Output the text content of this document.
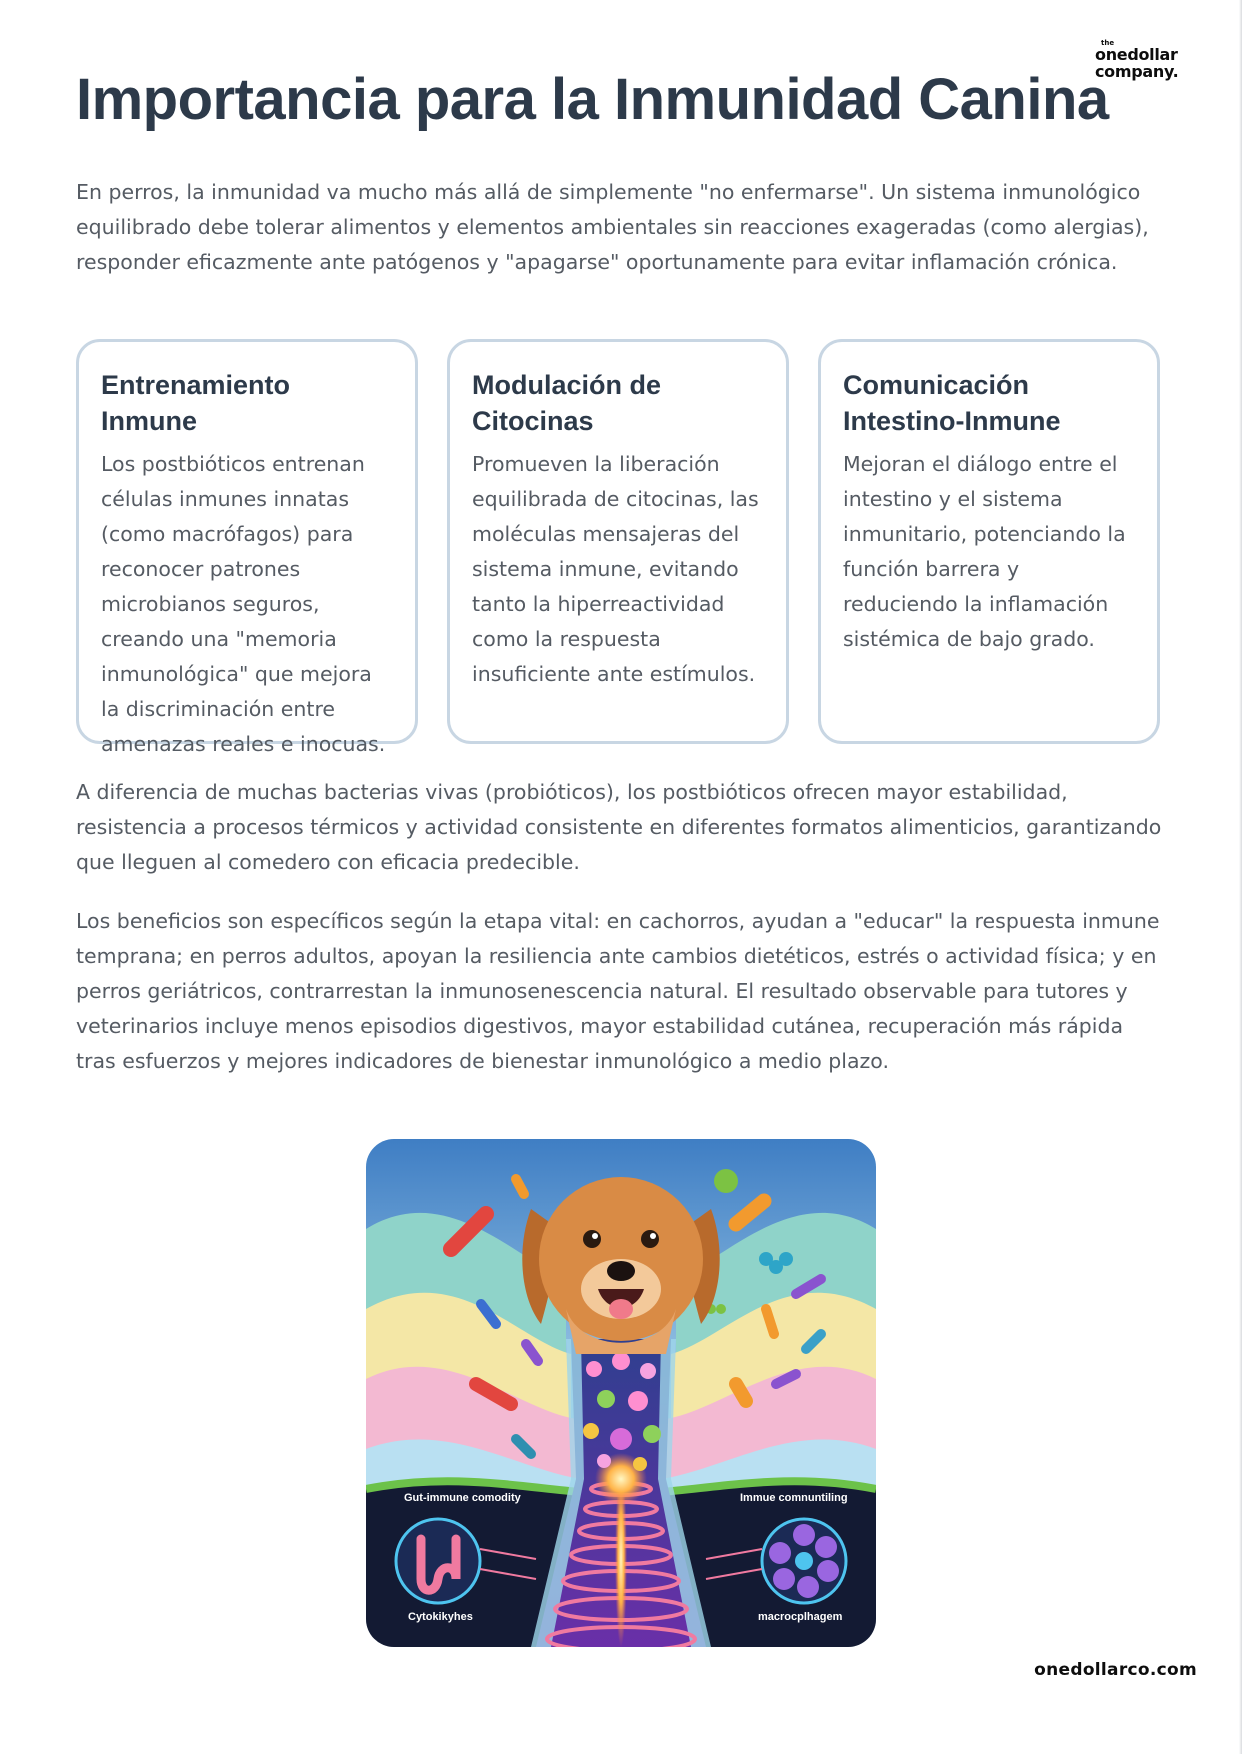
the
onedollar
company.
Importancia para la Inmunidad Canina

En perros, la inmunidad va mucho más allá de simplemente "no enfermarse". Un sistema inmunológico equilibrado debe tolerar alimentos y elementos ambientales sin reacciones exageradas (como alergias), responder eficazmente ante patógenos y "apagarse" oportunamente para evitar inflamación crónica.

Entrenamiento Inmune

Los postbióticos entrenan células inmunes innatas (como macrófagos) para reconocer patrones microbianos seguros, creando una "memoria inmunológica" que mejora la discriminación entre amenazas reales e inocuas.

Modulación de Citocinas

Promueven la liberación equilibrada de citocinas, las moléculas mensajeras del sistema inmune, evitando tanto la hiperreactividad como la respuesta insuficiente ante estímulos.

Comunicación Intestino-Inmune

Mejoran el diálogo entre el intestino y el sistema inmunitario, potenciando la función barrera y reduciendo la inflamación sistémica de bajo grado.

A diferencia de muchas bacterias vivas (probióticos), los postbióticos ofrecen mayor estabilidad, resistencia a procesos térmicos y actividad consistente en diferentes formatos alimenticios, garantizando que lleguen al comedero con eficacia predecible.

Los beneficios son específicos según la etapa vital: en cachorros, ayudan a "educar" la respuesta inmune temprana; en perros adultos, apoyan la resiliencia ante cambios dietéticos, estrés o actividad física; y en perros geriátricos, contrarrestan la inmunosenescencia natural. El resultado observable para tutores y veterinarios incluye menos episodios digestivos, mayor estabilidad cutánea, recuperación más rápida tras esfuerzos y mejores indicadores de bienestar inmunológico a medio plazo.

Gut-immune comodity	Immue comnuntiling
Cytokikyhes	macrocplhagem
onedollarco.com
